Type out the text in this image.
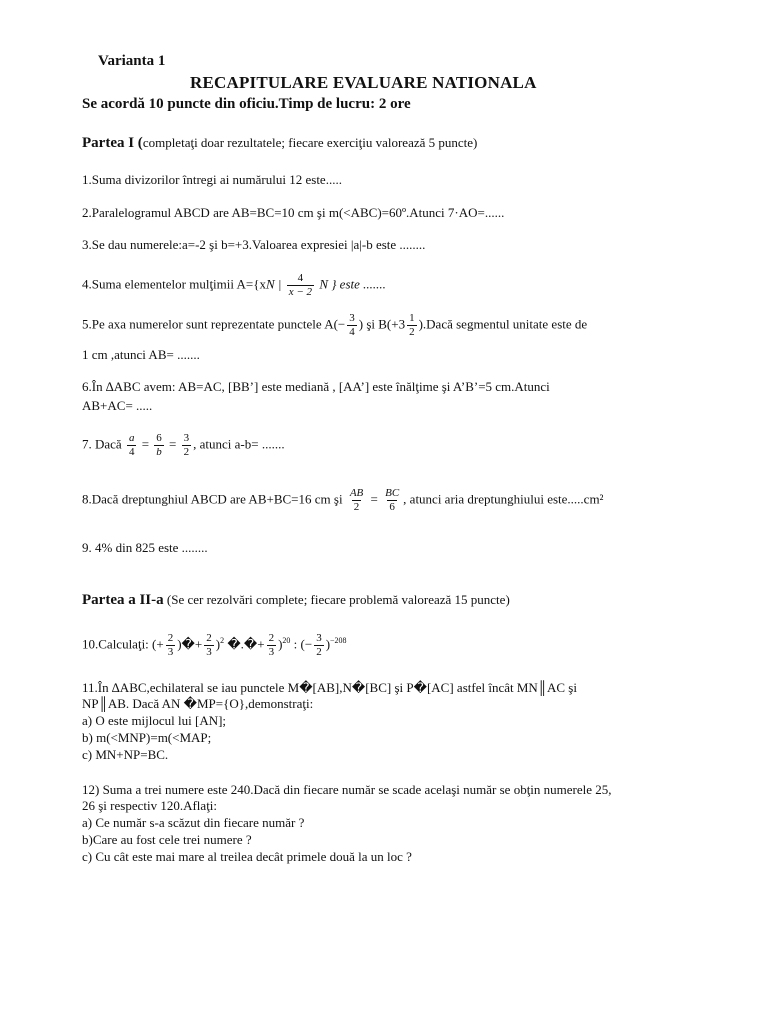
Varianta 1
RECAPITULARE EVALUARE NATIONALA
Se acordă 10 puncte din oficiu.Timp de lucru: 2 ore
Partea I (completaţi doar rezultatele; fiecare exerciţiu valorează 5 puncte)
1.Suma divizorilor întregi ai numărului 12 este.....
2.Paralelogramul ABCD are AB=BC=10 cm şi m(<ABC)=60º.Atunci 7·AO=......
3.Se dau numerele:a=-2 şi b=+3.Valoarea expresiei |a|-b este ........
4.Suma elementelor mulţimii A={xN | $\frac{4}{x - 2}$ N } este .......
5.Pe axa numerelor sunt reprezentate punctele $A(- \frac{3}{4}$ ) şi $B(+3 \frac{1}{2}$ ).Dacă segmentul unitate este de
1 cm ,atunci AB= .......
6.În ∆ABC avem: AB=AC, [BB’] este mediană , [AA’] este înălţime şi A’B’=5 cm.Atunci
AB+AC= .....
7. Dacă $\frac{a}{4} = \frac{6}{b} = \frac{3}{2}$ , atunci a-b= .......
8.Dacă dreptunghiul ABCD are AB+BC=16 cm şi $\frac{AB}{2} = \frac{BC}{6}$ , atunci aria dreptunghiului este.....cm²
9. 4% din 825 este ........
Partea a II-a (Se cer rezolvări complete; fiecare problemă valorează 15 puncte)
10.Calculaţi: (+ $\frac{2}{3}$ )�+ $\frac{2}{3} )^2$ �.�+ $\frac{2}{3} )^{20}$ : (− $\frac{3}{2} )^{-208}$
11.În ∆ABC,echilateral se iau punctele M�[AB],N�[BC] şi P�[AC] astfel încât MN║AC şi
NP║AB. Dacă AN �MP={O},demonstraţi:
a) O este mijlocul lui [AN];
b) m(<MNP)=m(<MAP;
c) MN+NP=BC.
12) Suma a trei numere este 240.Dacă din fiecare număr se scade acelaşi număr se obţin numerele 25,
26 şi respectiv 120.Aflaţi:
a) Ce număr s-a scăzut din fiecare număr ?
b)Care au fost cele trei numere ?
c) Cu cât este mai mare al treilea decât primele două la un loc ?
